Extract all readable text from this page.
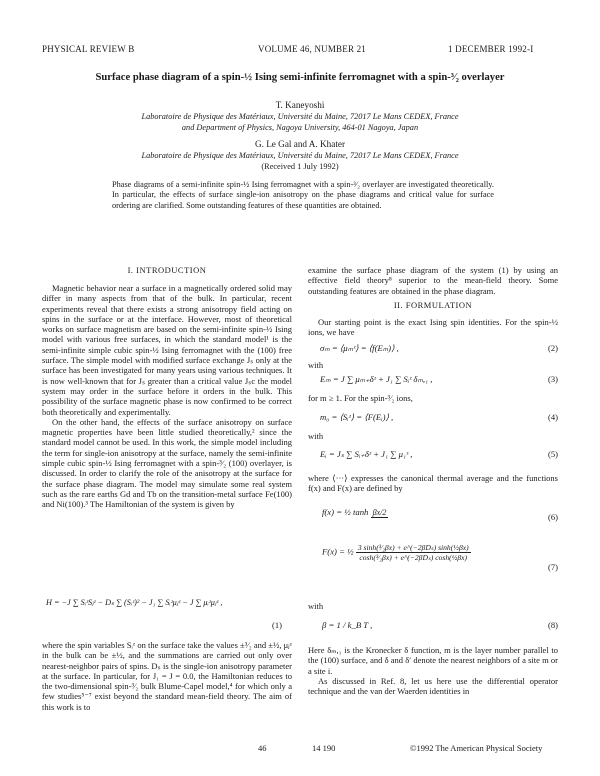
PHYSICAL REVIEW B	VOLUME 46, NUMBER 21	1 DECEMBER 1992-I
Surface phase diagram of a spin-½ Ising semi-infinite ferromagnet with a spin-³⁄₂ overlayer
T. Kaneyoshi
Laboratoire de Physique des Matériaux, Université du Maine, 72017 Le Mans CEDEX, France
and Department of Physics, Nagoya University, 464-01 Nagoya, Japan
G. Le Gal and A. Khater
Laboratoire de Physique des Matériaux, Université du Maine, 72017 Le Mans CEDEX, France
(Received 1 July 1992)
Phase diagrams of a semi-infinite spin-½ Ising ferromagnet with a spin-³⁄₂ overlayer are investigated theoretically. In particular, the effects of surface single-ion anisotropy on the phase diagrams and critical value for surface ordering are clarified. Some outstanding features of these quantities are obtained.
I. INTRODUCTION

Magnetic behavior near a surface in a magnetically ordered solid may differ in many aspects from that of the bulk. In particular, recent experiments reveal that there exists a strong anisotropy field acting on spins in the surface or at the interface. However, most of theoretical works on surface magnetism are based on the semi-infinite spin-½ Ising model with various free surfaces, in which the standard model¹ is the semi-infinite simple cubic spin-½ Ising ferromagnet with the (100) free surface. The simple model with modified surface exchange Jₛ only at the surface has been investigated for many years using various techniques. It is now well-known that for Jₛ greater than a critical value Jₛc the model system may order in the surface before it orders in the bulk. This possibility of the surface magnetic phase is now confirmed to be correct both theoretically and experimentally.

On the other hand, the effects of the surface anisotropy on surface magnetic properties have been little studied theoretically,² since the standard model cannot be used. In this work, the simple model including the term for single-ion anisotropy at the surface, namely the semi-infinite simple cubic spin-½ Ising ferromagnet with a spin-³⁄₂ (100) overlayer, is discussed. In order to clarify the role of the anisotropy at the surface for the surface phase diagram. The model may simulate some real system such as the rare earths Gd and Tb on the transition-metal surface Fe(100) and Ni(100).³ The Hamiltonian of the system is given by

H = −J ∑ SᵢᶻSⱼᶻ − Dₛ ∑ (Sᵢᶻ)² − J₁ ∑ Sᵢᶻμⱼᶻ − J ∑ μᵢᶻμⱼᶻ ,
(1)

where the spin variables Sᵢᶻ on the surface take the values ±³⁄₂ and ±½, μⱼᶻ in the bulk can be ±½, and the summations are carried out only over nearest-neighbor pairs of spins. Dₛ is the single-ion anisotropy parameter at the surface. In particular, for J₁ = J = 0.0, the Hamiltonian reduces to the two-dimensional spin-³⁄₂ bulk Blume-Capel model,⁴ for which only a few studies⁵⁻⁷ exist beyond the standard mean-field theory. The aim of this work is to

examine the surface phase diagram of the system (1) by using an effective field theory⁸ superior to the mean-field theory. Some outstanding features are obtained in the phase diagram.

II. FORMULATION

Our starting point is the exact Ising spin identities. For the spin-½ ions, we have

σₘ = ⟨μₘᶻ⟩ = ⟨f(Eₘ)⟩ ,	(2)
with
Eₘ = J ∑ μₘ₊δᶻ + J₁ ∑ Sᵢᶻ δₘ,₁ ,	(3)
for m ≥ 1. For the spin-³⁄₂ ions,
m₀ = ⟨Sᵢᶻ⟩ = ⟨F(Eᵢ)⟩ ,	(4)
with
Eᵢ = Jₛ ∑ Sᵢ₊δᶻ + J₁ ∑ μ₁ᶻ ,	(5)

where ⟨···⟩ expresses the canonical thermal average and the functions f(x) and F(x) are defined by

f(x) = ½ tanh βx/2	(6)
F(x) = ½ $\frac{\text{3 sinh(³⁄₂βx) + e\textasciicircum{}(−2βDₛ) sinh(½βx)}}{\text{cosh(³⁄₂βx) + e\textasciicircum{}(−2βDₛ) cosh(½βx)}}$
(7)
with
β = 1 / k_B T ,	(8)

Here δₘ,₁ is the Kronecker δ function, m is the layer number parallel to the (100) surface, and δ and δ′ denote the nearest neighbors of a site m or a site i.

As discussed in Ref. 8, let us here use the differential operator technique and the van der Waerden identities in

46	14 190	©1992 The American Physical Society
